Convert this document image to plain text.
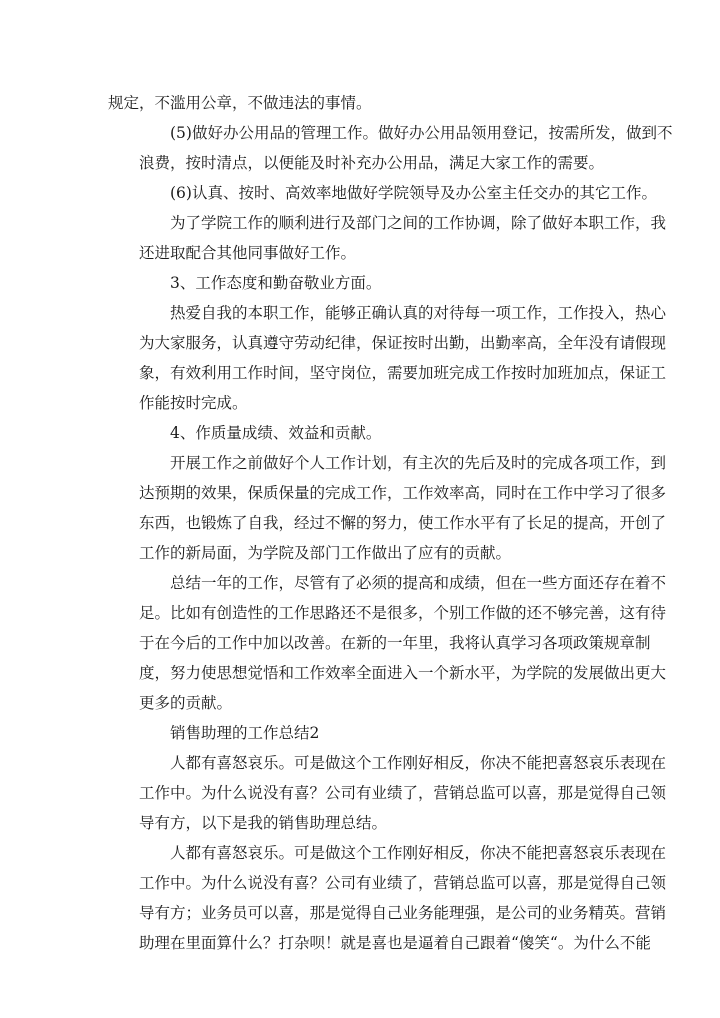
规定，不滥用公章，不做违法的事情。

(5)做好办公用品的管理工作。做好办公用品领用登记，按需所发，做到不
浪费，按时清点，以便能及时补充办公用品，满足大家工作的需要。

(6)认真、按时、高效率地做好学院领导及办公室主任交办的其它工作。

为了学院工作的顺利进行及部门之间的工作协调，除了做好本职工作，我
还进取配合其他同事做好工作。

3、工作态度和勤奋敬业方面。

热爱自我的本职工作，能够正确认真的对待每一项工作，工作投入，热心
为大家服务，认真遵守劳动纪律，保证按时出勤，出勤率高，全年没有请假现
象，有效利用工作时间，坚守岗位，需要加班完成工作按时加班加点，保证工
作能按时完成。

4、作质量成绩、效益和贡献。

开展工作之前做好个人工作计划，有主次的先后及时的完成各项工作，到
达预期的效果，保质保量的完成工作，工作效率高，同时在工作中学习了很多
东西，也锻炼了自我，经过不懈的努力，使工作水平有了长足的提高，开创了
工作的新局面，为学院及部门工作做出了应有的贡献。

总结一年的工作，尽管有了必须的提高和成绩，但在一些方面还存在着不
足。比如有创造性的工作思路还不是很多，个别工作做的还不够完善，这有待
于在今后的工作中加以改善。在新的一年里，我将认真学习各项政策规章制
度，努力使思想觉悟和工作效率全面进入一个新水平，为学院的发展做出更大
更多的贡献。

销售助理的工作总结2

人都有喜怒哀乐。可是做这个工作刚好相反，你决不能把喜怒哀乐表现在
工作中。为什么说没有喜？公司有业绩了，营销总监可以喜，那是觉得自己领
导有方，以下是我的销售助理总结。

人都有喜怒哀乐。可是做这个工作刚好相反，你决不能把喜怒哀乐表现在
工作中。为什么说没有喜？公司有业绩了，营销总监可以喜，那是觉得自己领
导有方；业务员可以喜，那是觉得自己业务能理强，是公司的业务精英。营销
助理在里面算什么？打杂呗！就是喜也是逼着自己跟着“傻笑“。为什么不能
